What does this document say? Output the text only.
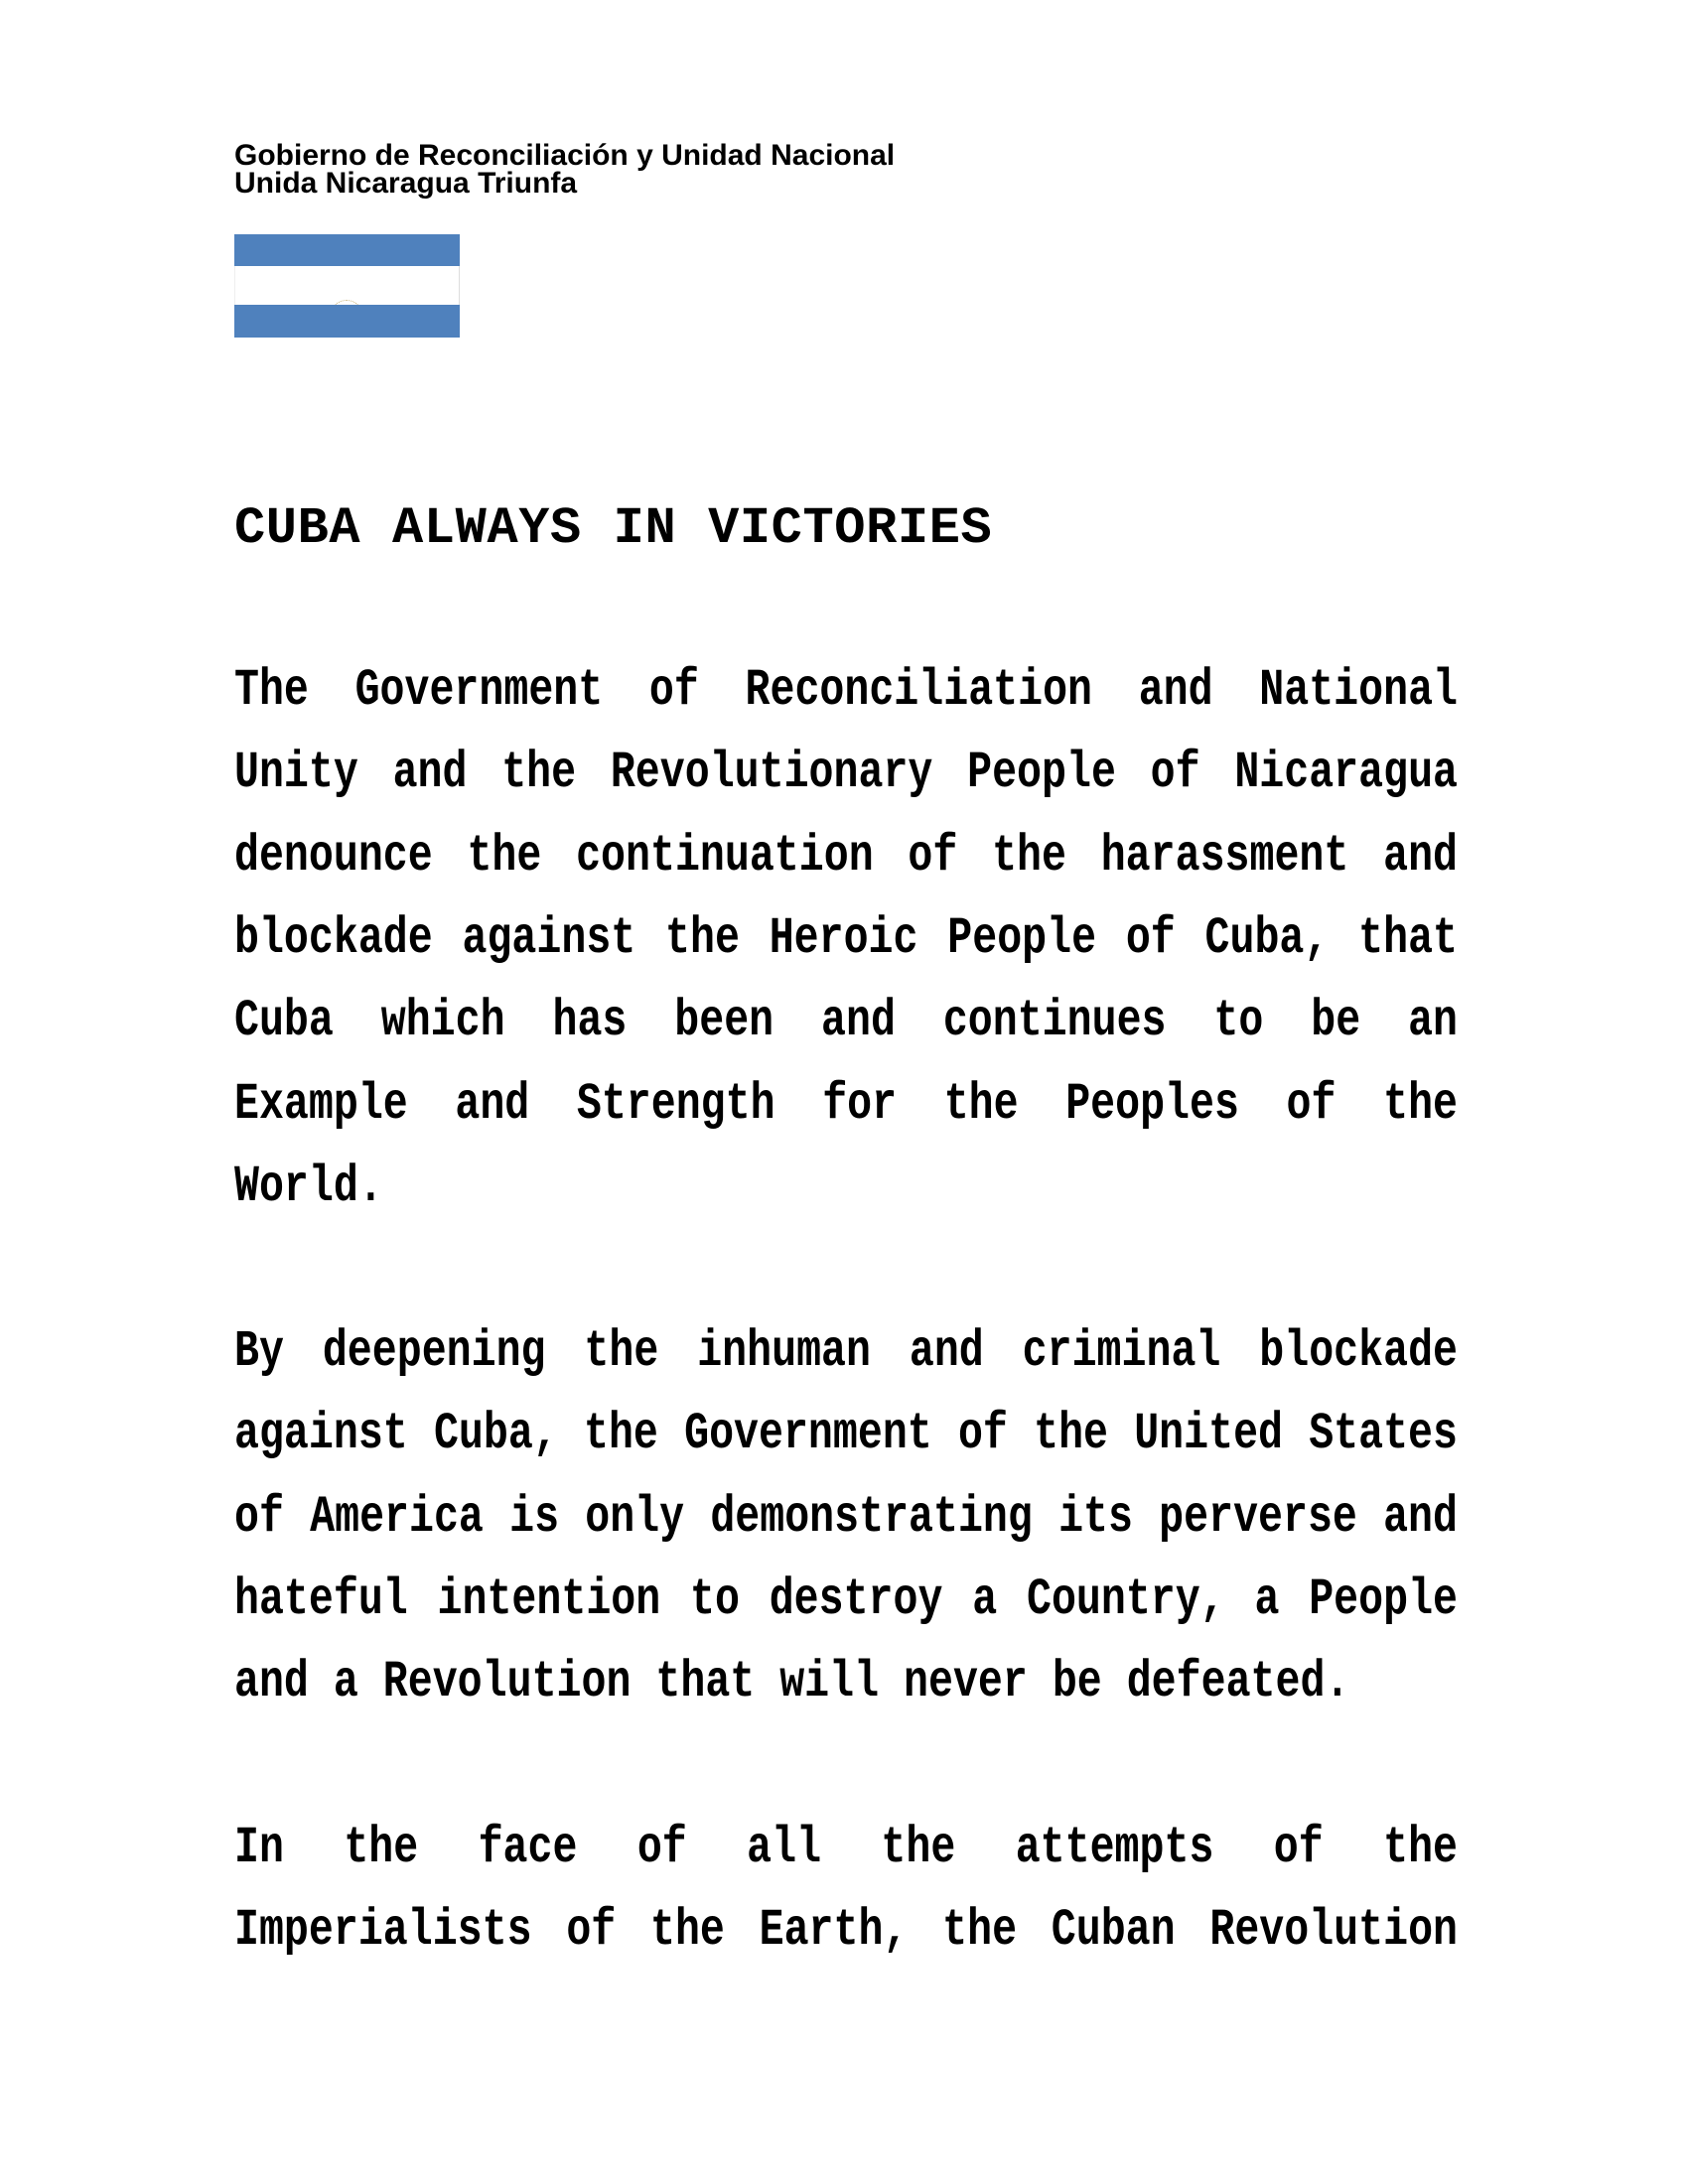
Gobierno de Reconciliación y Unidad Nacional
Unida Nicaragua Triunfa
CUBA ALWAYS IN VICTORIES
The Government of Reconciliation and National
Unity and the Revolutionary People of Nicaragua
denounce the continuation of the harassment and
blockade against the Heroic People of Cuba, that
Cuba which has been and continues to be an
Example and Strength for the Peoples of the
World.
By deepening the inhuman and criminal blockade
against Cuba, the Government of the United States
of America is only demonstrating its perverse and
hateful intention to destroy a Country, a People
and a Revolution that will never be defeated.
In the face of all the attempts of the
Imperialists of the Earth, the Cuban Revolution
